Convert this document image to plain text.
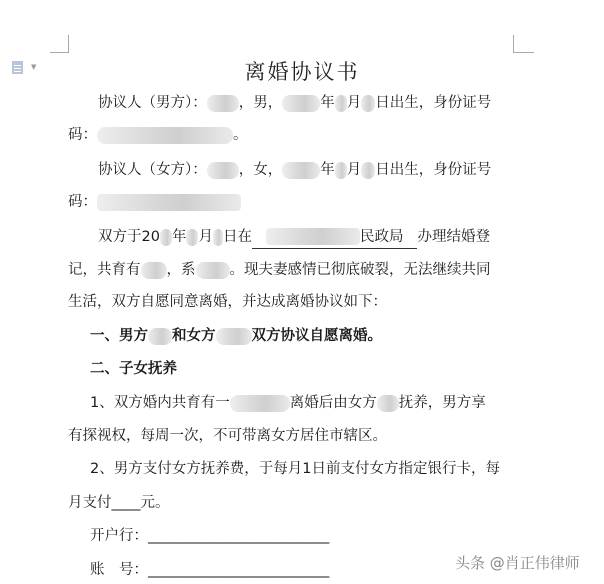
▼	离婚协议书
协议人（男方）： ，男，	年 月 日出生，身份证号
码：	。
协议人（女方）： ，女，	年 月 日出生，身份证号
码：
双方于20 年 月 日在	民政局 办理结婚登
记，共育有 ，系 。现夫妻感情已彻底破裂，无法继续共同
生活，双方自愿同意离婚，并达成离婚协议如下：
一、男方 和女方 双方协议自愿离婚。
二、子女抚养
1、双方婚内共育有一	离婚后由女方 抚养，男方享
有探视权，每周一次，不可带离女方居住市辖区。
2、男方支付女方抚养费，于每月1日前支付女方指定银行卡，每
月支付____元。
开户行：_________________________
账　号：_________________________	头条 @肖正伟律师
